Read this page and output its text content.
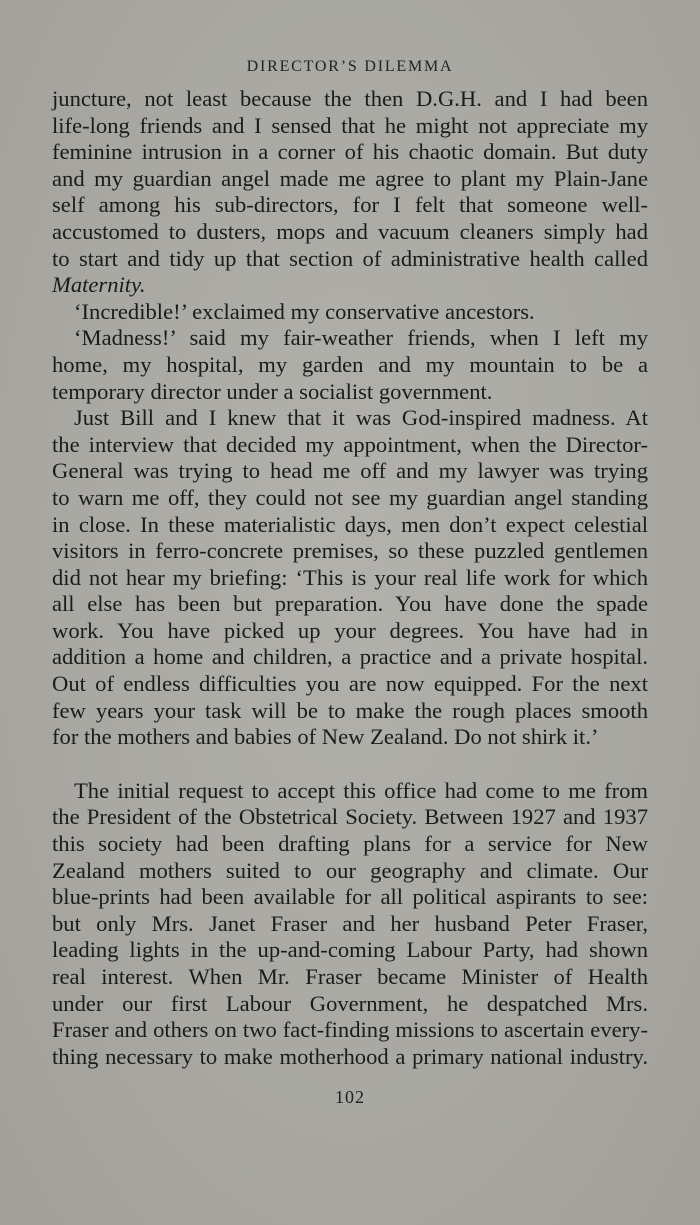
DIRECTOR’S DILEMMA
juncture, not least because the then D.G.H. and I had been
life-long friends and I sensed that he might not appreciate my
feminine intrusion in a corner of his chaotic domain. But duty
and my guardian angel made me agree to plant my Plain-Jane
self among his sub-directors, for I felt that someone well-
accustomed to dusters, mops and vacuum cleaners simply had
to start and tidy up that section of administrative health called
Maternity.
‘Incredible!’ exclaimed my conservative ancestors.
‘Madness!’ said my fair-weather friends, when I left my
home, my hospital, my garden and my mountain to be a
temporary director under a socialist government.
Just Bill and I knew that it was God-inspired madness. At
the interview that decided my appointment, when the Director-
General was trying to head me off and my lawyer was trying
to warn me off, they could not see my guardian angel standing
in close. In these materialistic days, men don’t expect celestial
visitors in ferro-concrete premises, so these puzzled gentlemen
did not hear my briefing: ‘This is your real life work for which
all else has been but preparation. You have done the spade
work. You have picked up your degrees. You have had in
addition a home and children, a practice and a private hospital.
Out of endless difficulties you are now equipped. For the next
few years your task will be to make the rough places smooth
for the mothers and babies of New Zealand. Do not shirk it.’
The initial request to accept this office had come to me from
the President of the Obstetrical Society. Between 1927 and 1937
this society had been drafting plans for a service for New
Zealand mothers suited to our geography and climate. Our
blue-prints had been available for all political aspirants to see:
but only Mrs. Janet Fraser and her husband Peter Fraser,
leading lights in the up-and-coming Labour Party, had shown
real interest. When Mr. Fraser became Minister of Health
under our first Labour Government, he despatched Mrs.
Fraser and others on two fact-finding missions to ascertain every-
thing necessary to make motherhood a primary national industry.
102
